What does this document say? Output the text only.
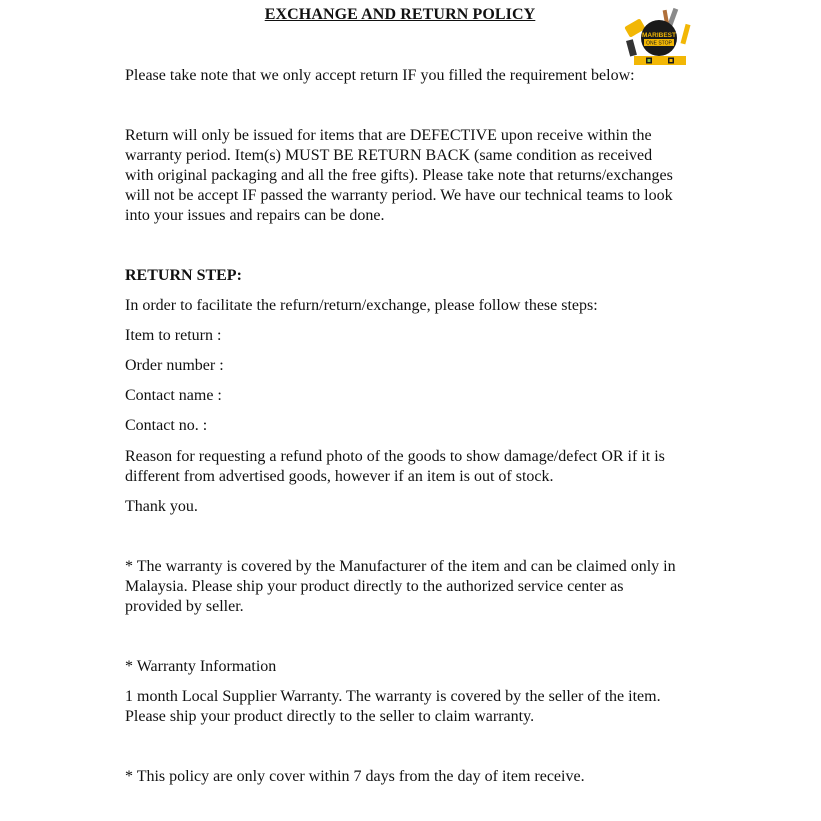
EXCHANGE AND RETURN POLICY
MARIBEST
ONE STOP
Please take note that we only accept return IF you filled the requirement below:
Return will only be issued for items that are DEFECTIVE upon receive within the
warranty period. Item(s) MUST BE RETURN BACK (same condition as received
with original packaging and all the free gifts). Please take note that returns/exchanges
will not be accept IF passed the warranty period. We have our technical teams to look
into your issues and repairs can be done.
RETURN STEP:
In order to facilitate the refurn/return/exchange, please follow these steps:
Item to return :
Order number :
Contact name :
Contact no. :
Reason for requesting a refund photo of the goods to show damage/defect OR if it is
different from advertised goods, however if an item is out of stock.
Thank you.
* The warranty is covered by the Manufacturer of the item and can be claimed only in
Malaysia. Please ship your product directly to the authorized service center as
provided by seller.
* Warranty Information
1 month Local Supplier Warranty. The warranty is covered by the seller of the item.
Please ship your product directly to the seller to claim warranty.
* This policy are only cover within 7 days from the day of item receive.
